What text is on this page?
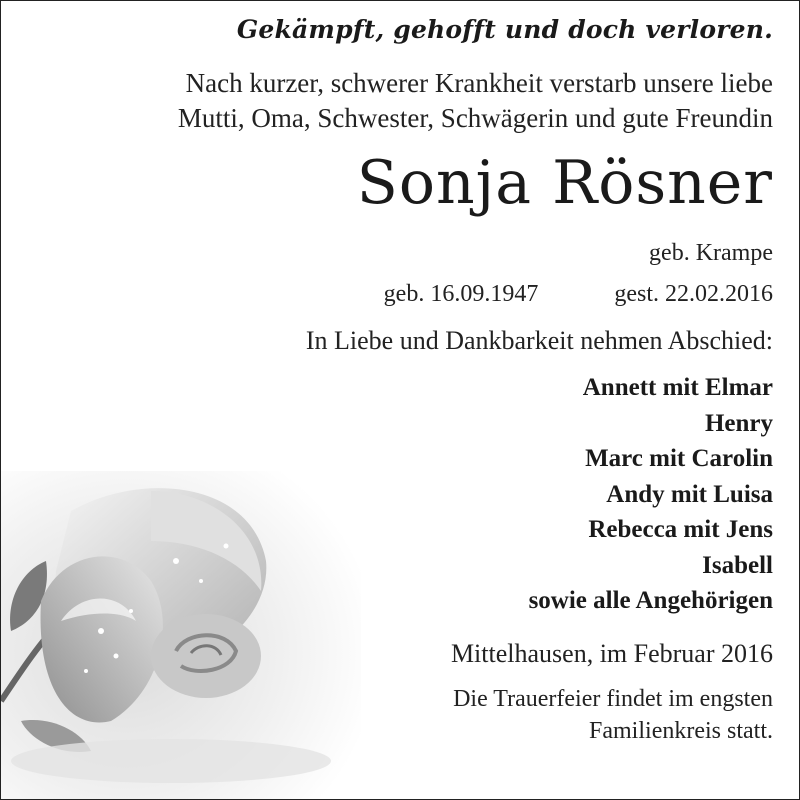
Gekämpft, gehofft und doch verloren.
Nach kurzer, schwerer Krankheit verstarb unsere liebe
Mutti, Oma, Schwester, Schwägerin und gute Freundin
Sonja Rösner
geb. Krampe
geb. 16.09.1947	gest. 22.02.2016
In Liebe und Dankbarkeit nehmen Abschied:
Annett mit Elmar
Henry
Marc mit Carolin
Andy mit Luisa
Rebecca mit Jens
Isabell
sowie alle Angehörigen
Mittelhausen, im Februar 2016
Die Trauerfeier findet im engsten
Familienkreis statt.
